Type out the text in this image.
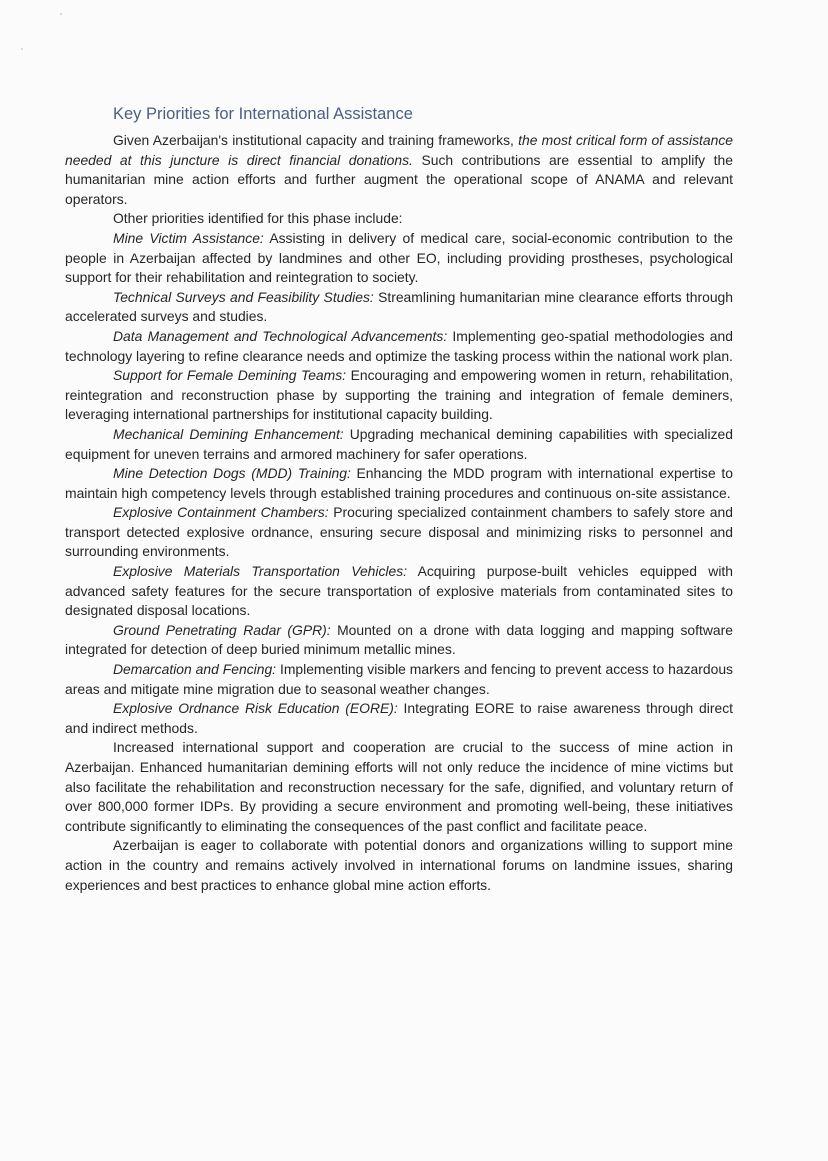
Key Priorities for International Assistance

Given Azerbaijan's institutional capacity and training frameworks, the most critical form of assistance needed at this juncture is direct financial donations. Such contributions are essential to amplify the humanitarian mine action efforts and further augment the operational scope of ANAMA and relevant operators.

Other priorities identified for this phase include:

Mine Victim Assistance: Assisting in delivery of medical care, social-economic contribution to the people in Azerbaijan affected by landmines and other EO, including providing prostheses, psychological support for their rehabilitation and reintegration to society.

Technical Surveys and Feasibility Studies: Streamlining humanitarian mine clearance efforts through accelerated surveys and studies.

Data Management and Technological Advancements: Implementing geo-spatial methodologies and technology layering to refine clearance needs and optimize the tasking process within the national work plan.

Support for Female Demining Teams: Encouraging and empowering women in return, rehabilitation, reintegration and reconstruction phase by supporting the training and integration of female deminers, leveraging international partnerships for institutional capacity building.

Mechanical Demining Enhancement: Upgrading mechanical demining capabilities with specialized equipment for uneven terrains and armored machinery for safer operations.

Mine Detection Dogs (MDD) Training: Enhancing the MDD program with international expertise to maintain high competency levels through established training procedures and continuous on-site assistance.

Explosive Containment Chambers: Procuring specialized containment chambers to safely store and transport detected explosive ordnance, ensuring secure disposal and minimizing risks to personnel and surrounding environments.

Explosive Materials Transportation Vehicles: Acquiring purpose-built vehicles equipped with advanced safety features for the secure transportation of explosive materials from contaminated sites to designated disposal locations.

Ground Penetrating Radar (GPR): Mounted on a drone with data logging and mapping software integrated for detection of deep buried minimum metallic mines.

Demarcation and Fencing: Implementing visible markers and fencing to prevent access to hazardous areas and mitigate mine migration due to seasonal weather changes.

Explosive Ordnance Risk Education (EORE): Integrating EORE to raise awareness through direct and indirect methods.

Increased international support and cooperation are crucial to the success of mine action in Azerbaijan. Enhanced humanitarian demining efforts will not only reduce the incidence of mine victims but also facilitate the rehabilitation and reconstruction necessary for the safe, dignified, and voluntary return of over 800,000 former IDPs. By providing a secure environment and promoting well-being, these initiatives contribute significantly to eliminating the consequences of the past conflict and facilitate peace.

Azerbaijan is eager to collaborate with potential donors and organizations willing to support mine action in the country and remains actively involved in international forums on landmine issues, sharing experiences and best practices to enhance global mine action efforts.
